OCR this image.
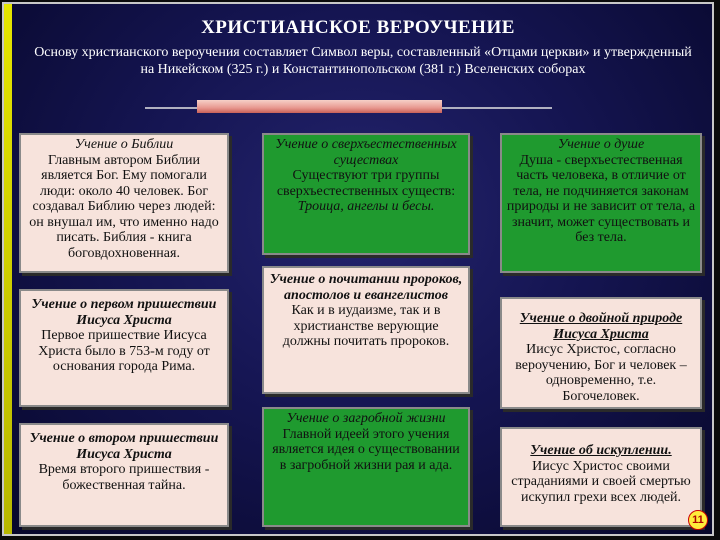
ХРИСТИАНСКОЕ ВЕРОУЧЕНИЕ
Основу христианского вероучения составляет Символ веры, составленный «Отцами церкви» и утвержденный на Никейском (325 г.) и Константинопольском (381 г.) Вселенских соборах
Учение о Библии
Главным автором Библии является Бог. Ему помогали люди: около 40 человек. Бог создавал Библию через людей: он внушал им, что именно надо писать. Библия - книга боговдохновенная.
Учение о первом пришествии Иисуса Христа
Первое пришествие Иисуса Христа было в 753-м году от основания города Рима.
Учение о втором пришествии Иисуса Христа
Время второго пришествия - божественная тайна.
Учение о сверхъестественных существах
Существуют три группы сверхъестественных существ: Троица, ангелы и бесы.
Учение о почитании пророков, апостолов и евангелистов
Как и в иудаизме, так и в христианстве верующие должны почитать пророков.
Учение о загробной жизни
Главной идеей этого учения является идея о существовании в загробной жизни рая и ада.
Учение о душе
Душа - сверхъестественная часть человека, в отличие от тела, не подчиняется законам природы и не зависит от тела, а значит, может существовать и без тела.
Учение о двойной природе Иисуса Христа
Иисус Христос, согласно вероучению, Бог и человек – одновременно, т.е. Богочеловек.
Учение об искуплении.
Иисус Христос своими страданиями и своей смертью искупил грехи всех людей.
11
